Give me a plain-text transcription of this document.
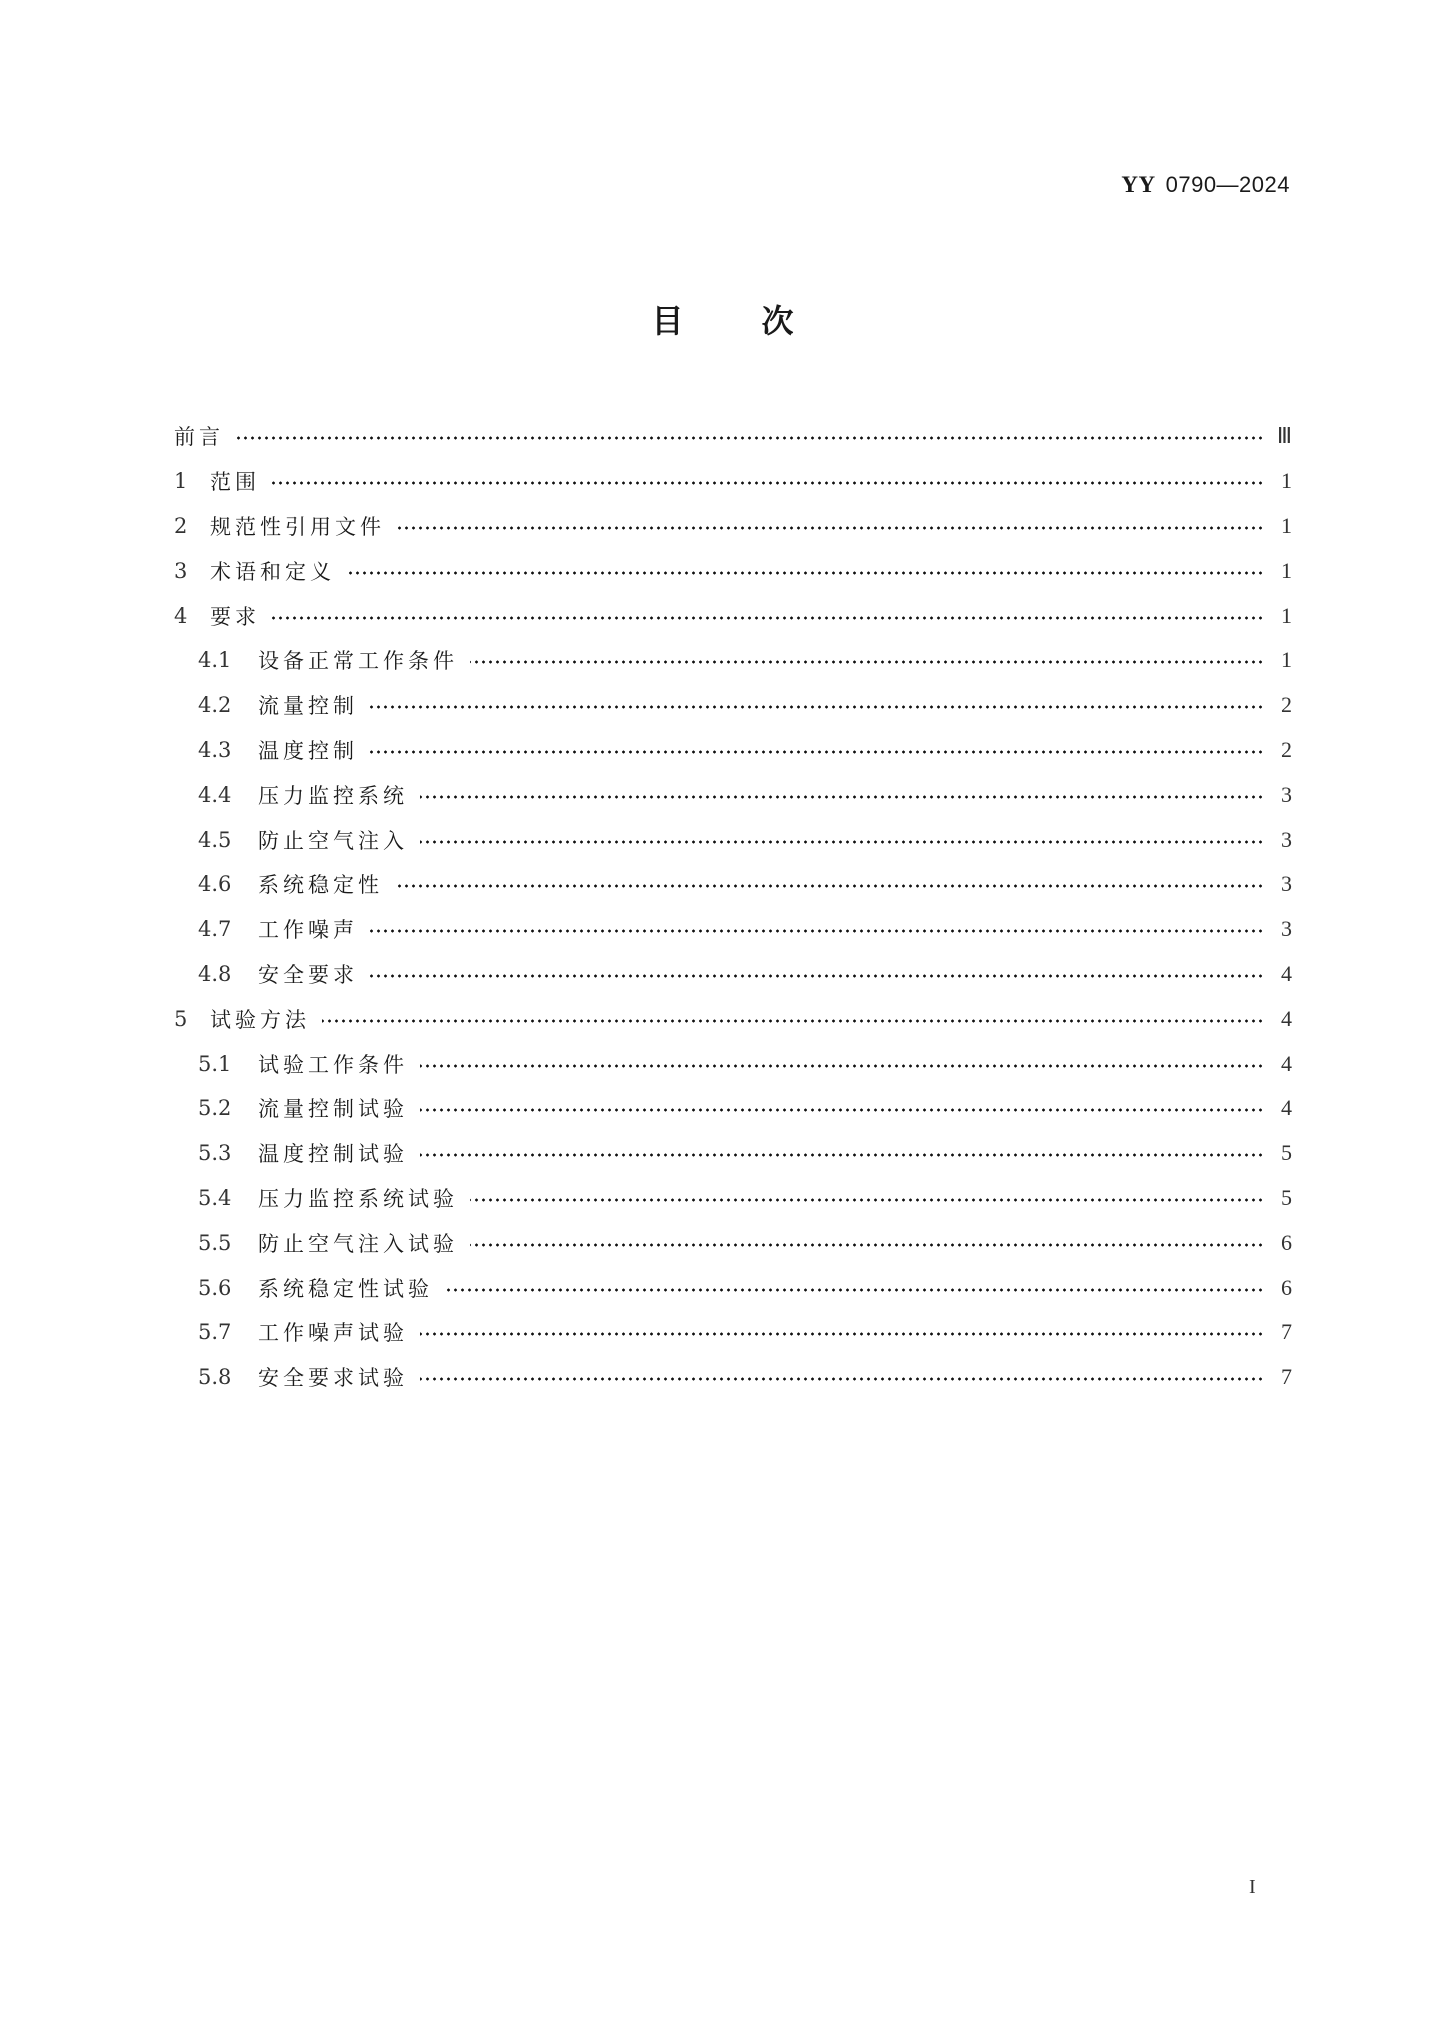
YY 0790—2024
目 次
前言	Ⅲ
1	范围	1
2	规范性引用文件	1
3	术语和定义	1
4	要求	1
4.1	设备正常工作条件	1
4.2	流量控制	2
4.3	温度控制	2
4.4	压力监控系统	3
4.5	防止空气注入	3
4.6	系统稳定性	3
4.7	工作噪声	3
4.8	安全要求	4
5	试验方法	4
5.1	试验工作条件	4
5.2	流量控制试验	4
5.3	温度控制试验	5
5.4	压力监控系统试验	5
5.5	防止空气注入试验	6
5.6	系统稳定性试验	6
5.7	工作噪声试验	7
5.8	安全要求试验	7
I
